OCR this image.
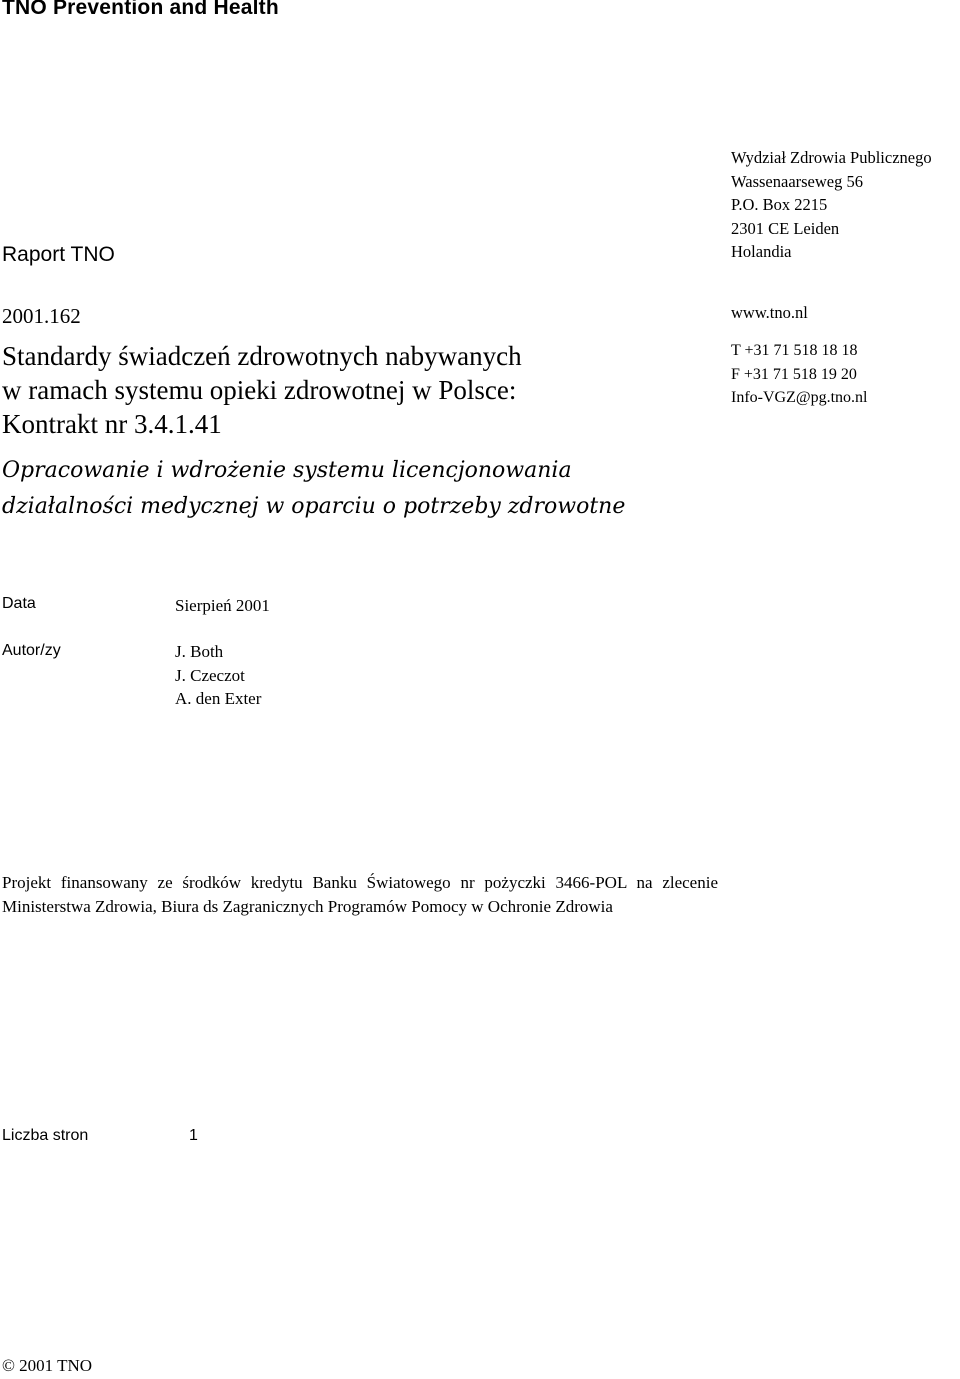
TNO Prevention and Health
Wydział Zdrowia Publicznego
Wassenaarseweg 56
P.O. Box 2215
2301 CE Leiden
Holandia
www.tno.nl
T +31 71 518 18 18
F +31 71 518 19 20
Info-VGZ@pg.tno.nl
Raport TNO
2001.162
Standardy świadczeń zdrowotnych nabywanych
w ramach systemu opieki zdrowotnej w Polsce:
Kontrakt nr 3.4.1.41
Opracowanie i wdrożenie systemu licencjonowania
działalności medycznej w oparciu o potrzeby zdrowotne
Data	Sierpień 2001
Autor/zy	J. Both
J. Czeczot
A. den Exter
Projekt finansowany ze środków kredytu Banku Światowego nr pożyczki 3466-POL na zlecenie Ministerstwa Zdrowia, Biura ds Zagranicznych Programów Pomocy w Ochronie Zdrowia
Liczba stron	1
© 2001 TNO
